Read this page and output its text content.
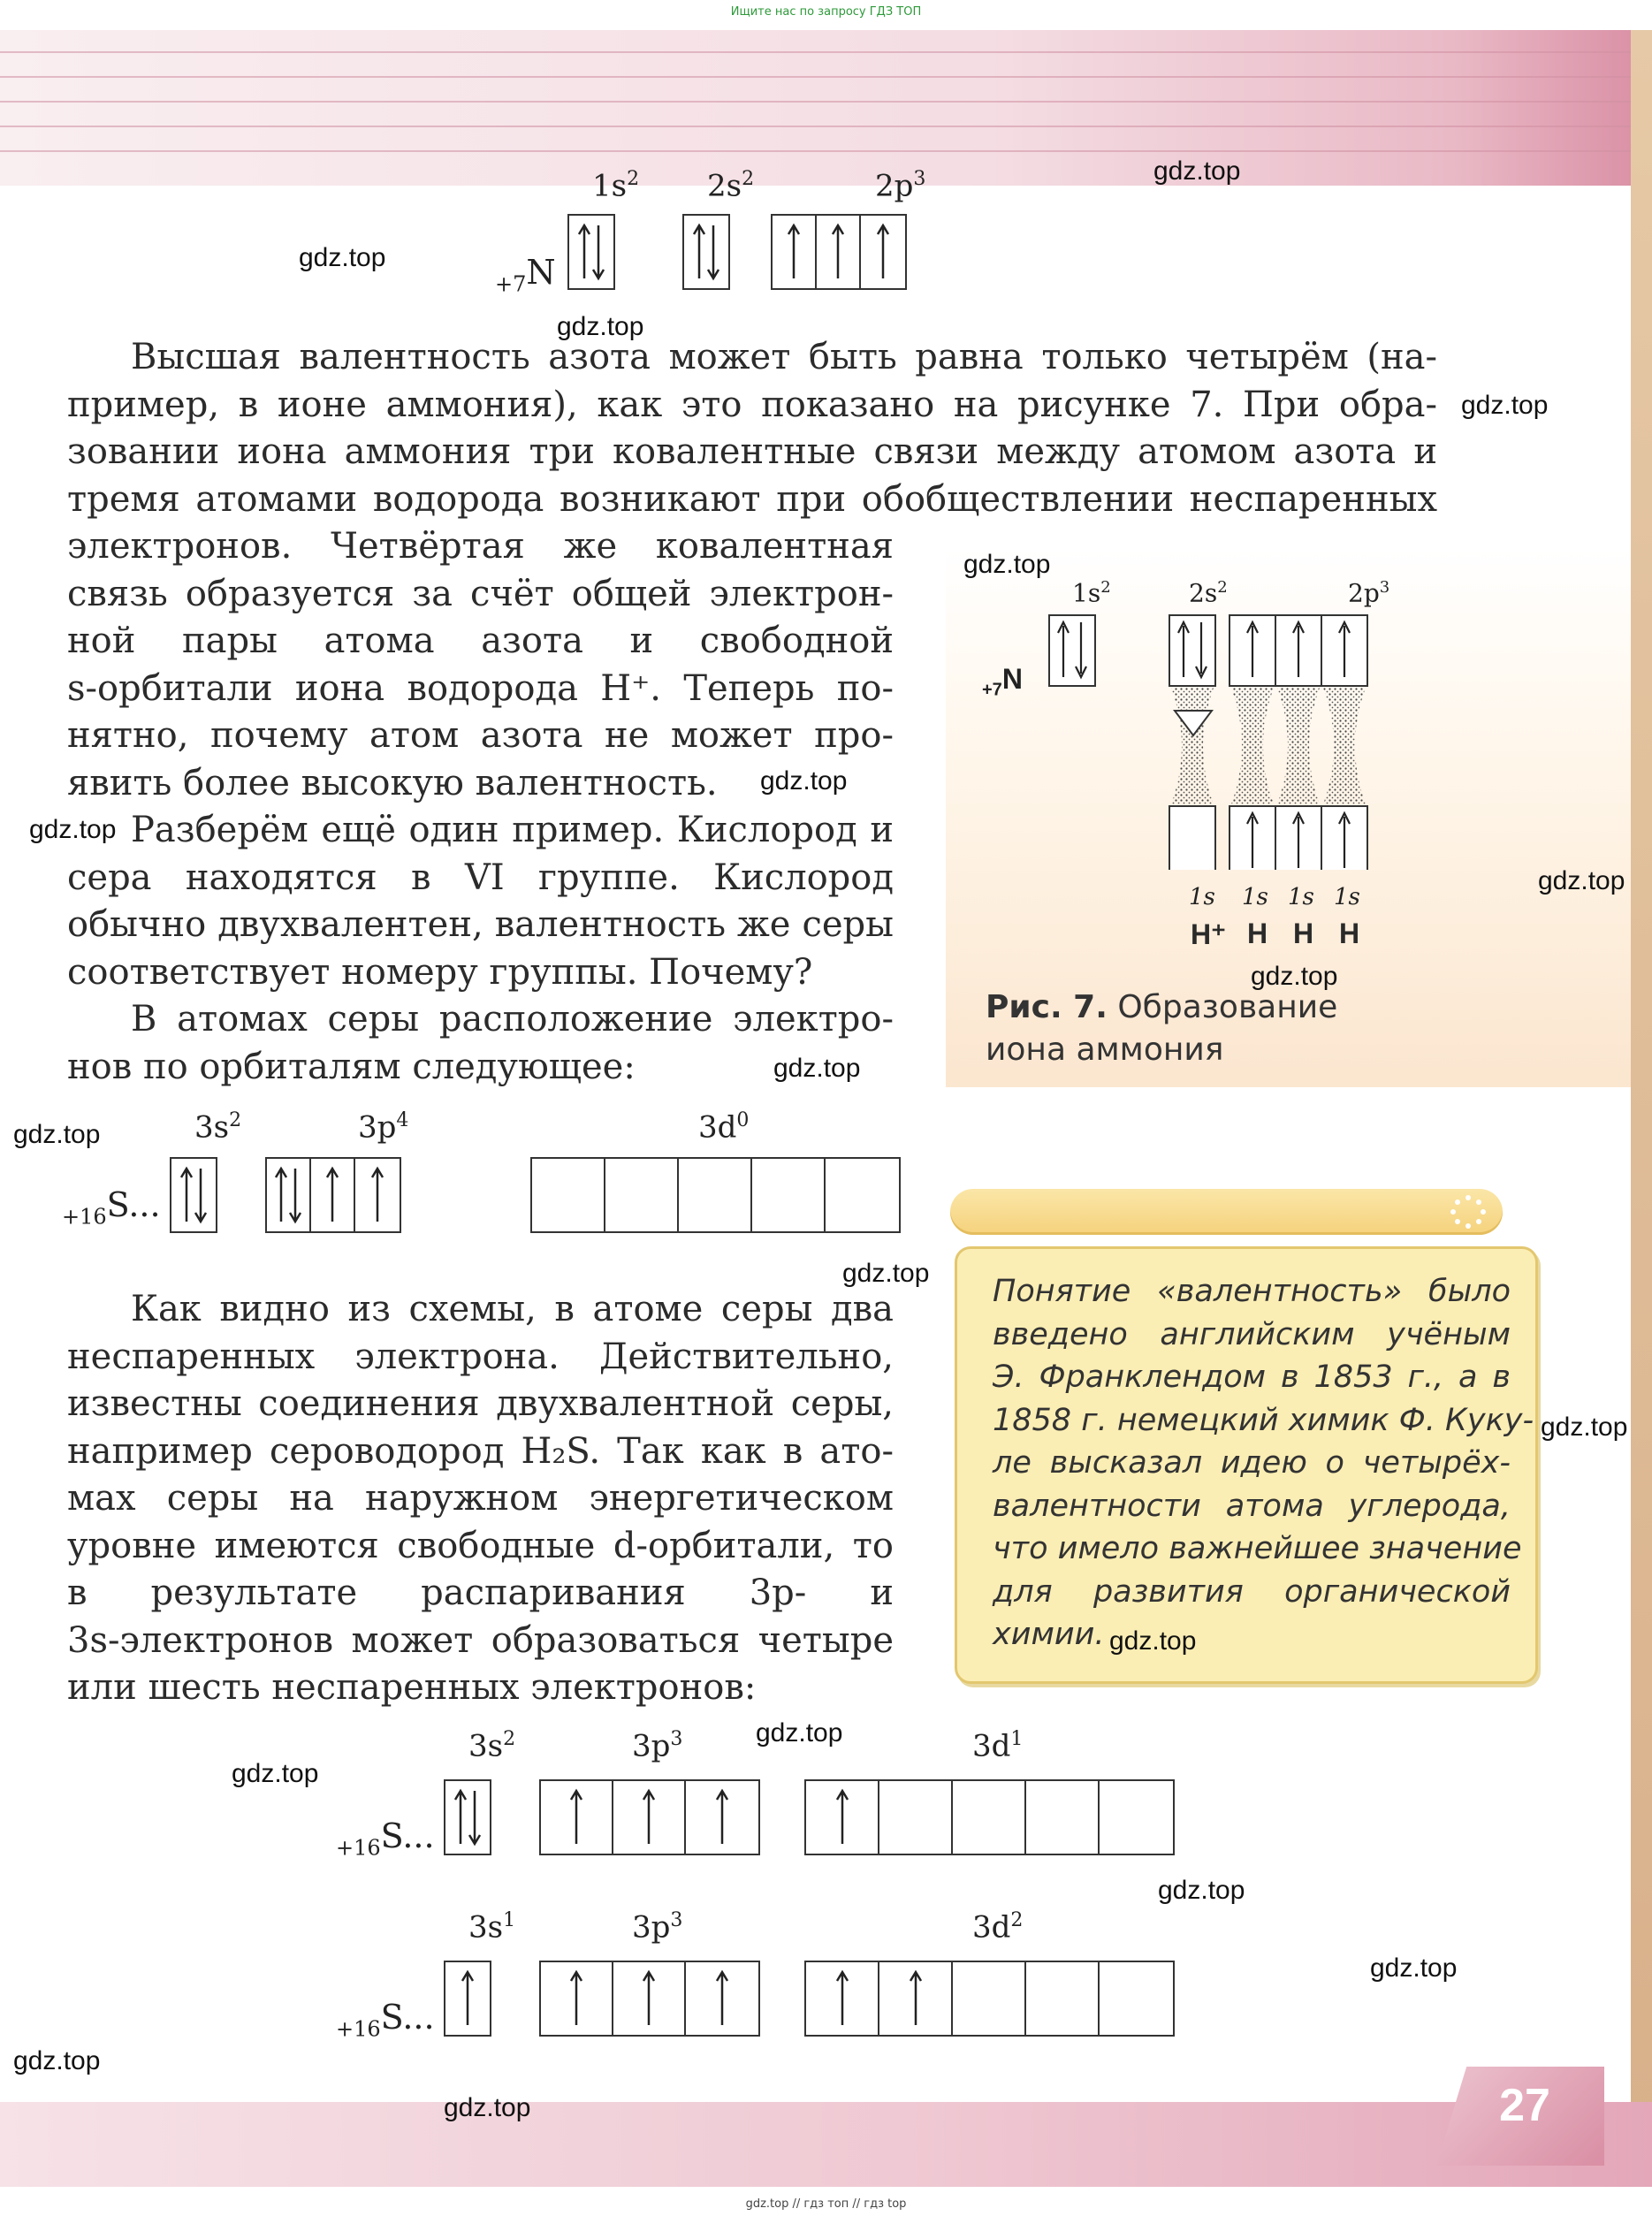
Ищите нас по запросу ГДЗ ТОП
gdz.top // гдз топ // гдз top
$1s^2$ $2s^2$	$2p^3$
$_{+7}$N
Высшая валентность азота может быть равна только четырём (на-
пример, в ионе аммония), как это показано на рисунке 7. При обра-
зовании иона аммония три ковалентные связи между атомом азота и
тремя атомами водорода возникают при обобществлении неспаренных
электронов. Четвёртая же ковалентная
связь образуется за счёт общей электрон-
ной пары атома азота и свободной
s-орбитали иона водорода H⁺. Теперь по-
нятно, почему атом азота не может про-
явить более высокую валентность.
Разберём ещё один пример. Кислород и
сера находятся в VI группе. Кислород
обычно двухвалентен, валентность же серы
соответствует номеру группы. Почему?
В атомах серы расположение электро-
нов по орбиталям следующее:
$1s^2$	$2s^2$	$2p^3$
$_{+7}$N
1s 1s 1s 1s
H⁺ H H H
Рис. 7. Образование
иона аммония
$3s^2$	$3p^4$	$3d^0$
$_{+16}$S...
Как видно из схемы, в атоме серы два
неспаренных электрона. Действительно,
известны соединения двухвалентной серы,
например сероводород H₂S. Так как в ато-
мах серы на наружном энергетическом
уровне имеются свободные d-орбитали, то
в результате распаривания 3p- и
3s-электронов может образоваться четыре
или шесть неспаренных электронов:
Понятие «валентность» было
введено английским учёным
Э. Франклендом в 1853 г., а в
1858 г. немецкий химик Ф. Куку-
ле высказал идею о четырёх-
валентности атома углерода,
что имело важнейшее значение
для развития органической
химии.
$3s^2$	$3p^3$	$3d^1$
$_{+16}$S...
$3s^1$	$3p^3$	$3d^2$
$_{+16}$S...
27
gdz.top
gdz.top
gdz.top
gdz.top
gdz.top
gdz.top
gdz.top
gdz.top
gdz.top
gdz.top
gdz.top
gdz.top
gdz.top
gdz.top
gdz.top
gdz.top
gdz.top
gdz.top
gdz.top
gdz.top
